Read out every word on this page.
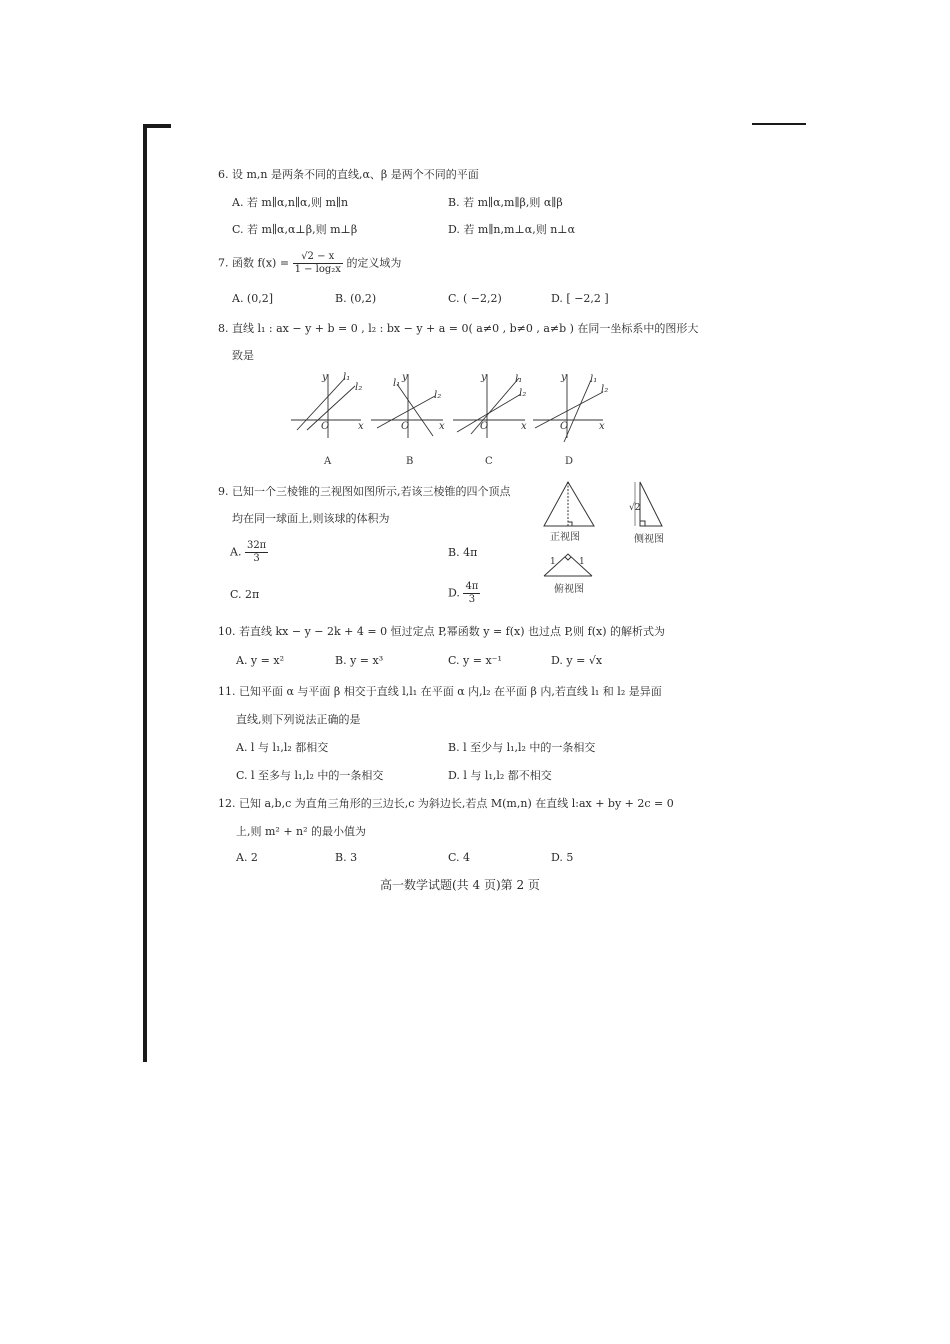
6. 设 m,n 是两条不同的直线,α、β 是两个不同的平面
A. 若 m∥α,n∥α,则 m∥n	B. 若 m∥α,m∥β,则 α∥β
C. 若 m∥α,α⊥β,则 m⊥β	D. 若 m∥n,m⊥α,则 n⊥α
7. 函数 $f(x) = \frac{√2 - x}{\text{1 − log₂x}}$ 的定义域为
A. (0,2]	B. (0,2)	C. ( −2,2)	D. [ −2,2 ]
8. 直线 l₁ : ax − y + b = 0 , l₂ : bx − y + a = 0( a≠0 , b≠0 , a≠b ) 在同一坐标系中的图形大
致是
y
x
O
l₁
l₂
y
x
O
l₁
l₂
y
x
O
l₁
l₂
y
x
O
l₁
l₂
A	B	C	D
9. 已知一个三棱锥的三视图如图所示,若该三棱锥的四个顶点
均在同一球面上,则该球的体积为
A. $\frac{32\pi}{3}$	B. 4π
C. 2π	D. $\frac{4\pi}{3}$
正视图	侧视图
俯视图
√2
1	1
10. 若直线 kx − y − 2k + 4 = 0 恒过定点 P,幂函数 y = f(x) 也过点 P,则 f(x) 的解析式为
A. y = x²	B. y = x³	C. y = x⁻¹	D. y = √x
11. 已知平面 α 与平面 β 相交于直线 l,l₁ 在平面 α 内,l₂ 在平面 β 内,若直线 l₁ 和 l₂ 是异面
直线,则下列说法正确的是
A. l 与 l₁,l₂ 都相交	B. l 至少与 l₁,l₂ 中的一条相交
C. l 至多与 l₁,l₂ 中的一条相交	D. l 与 l₁,l₂ 都不相交
12. 已知 a,b,c 为直角三角形的三边长,c 为斜边长,若点 M(m,n) 在直线 l:ax + by + 2c = 0
上,则 m² + n² 的最小值为
A. 2	B. 3	C. 4	D. 5
高一数学试题(共 4 页)第 2 页
